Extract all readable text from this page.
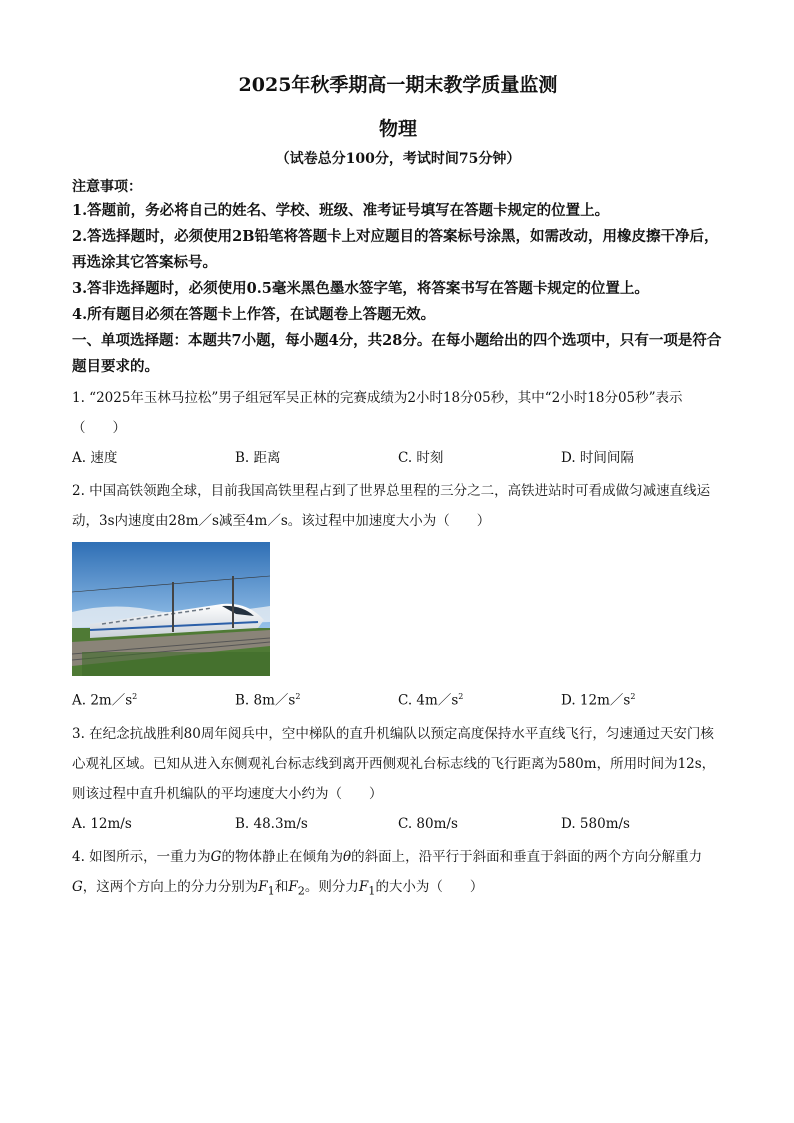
2025年秋季期高一期末教学质量监测
物理
（试卷总分100分，考试时间75分钟）
注意事项：
1.答题前，务必将自己的姓名、学校、班级、准考证号填写在答题卡规定的位置上。
2.答选择题时，必须使用2B铅笔将答题卡上对应题目的答案标号涂黑，如需改动，用橡皮擦干净后，再选涂其它答案标号。
3.答非选择题时，必须使用0.5毫米黑色墨水签字笔，将答案书写在答题卡规定的位置上。
4.所有题目必须在答题卡上作答，在试题卷上答题无效。
一、单项选择题：本题共7小题，每小题4分，共28分。在每小题给出的四个选项中，只有一项是符合题目要求的。
1. “2025年玉林马拉松”男子组冠军吴正林的完赛成绩为2小时18分05秒，其中“2小时18分05秒”表示（　　）
A. 速度	B. 距离	C. 时刻	D. 时间间隔
2. 中国高铁领跑全球，目前我国高铁里程占到了世界总里程的三分之二，高铁进站时可看成做匀减速直线运动，3s内速度由28m／s减至4m／s。该过程中加速度大小为（　　）
A. $2m/s^2$	B. $8m/s^2$	C. $4m/s^2$	D. $12m/s^2$
3. 在纪念抗战胜利80周年阅兵中，空中梯队的直升机编队以预定高度保持水平直线飞行，匀速通过天安门核心观礼区域。已知从进入东侧观礼台标志线到离开西侧观礼台标志线的飞行距离为580m，所用时间为12s，则该过程中直升机编队的平均速度大小约为（　　）
A. 12m/s	B. 48.3m/s	C. 80m/s	D. 580m/s
4. 如图所示，一重力为G的物体静止在倾角为θ的斜面上，沿平行于斜面和垂直于斜面的两个方向分解重力G，这两个方向上的分力分别为$F_1$和$F_2$。则分力$F_1$的大小为（　　）
